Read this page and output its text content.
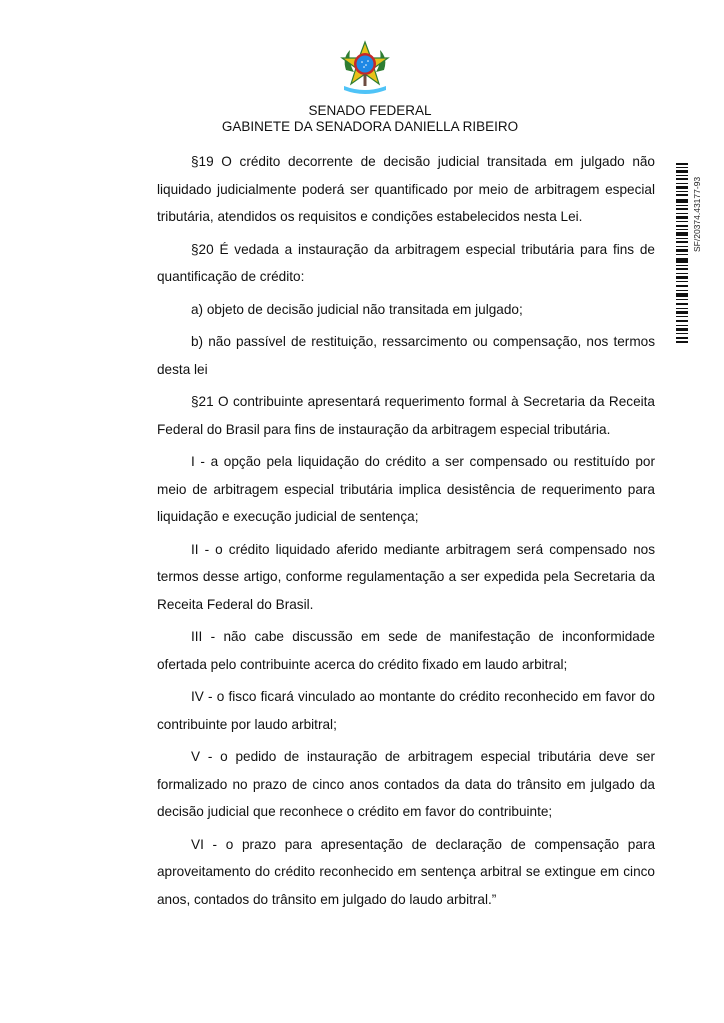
SENADO FEDERAL
GABINETE DA SENADORA DANIELLA RIBEIRO

§19 O crédito decorrente de decisão judicial transitada em julgado não liquidado judicialmente poderá ser quantificado por meio de arbitragem especial tributária, atendidos os requisitos e condições estabelecidos nesta Lei.

§20 É vedada a instauração da arbitragem especial tributária para fins de quantificação de crédito:

a) objeto de decisão judicial não transitada em julgado;

b) não passível de restituição, ressarcimento ou compensação, nos termos desta lei

§21 O contribuinte apresentará requerimento formal à Secretaria da Receita Federal do Brasil para fins de instauração da arbitragem especial tributária.

I - a opção pela liquidação do crédito a ser compensado ou restituído por meio de arbitragem especial tributária implica desistência de requerimento para liquidação e execução judicial de sentença;

II - o crédito liquidado aferido mediante arbitragem será compensado nos termos desse artigo, conforme regulamentação a ser expedida pela Secretaria da Receita Federal do Brasil.

III - não cabe discussão em sede de manifestação de inconformidade ofertada pelo contribuinte acerca do crédito fixado em laudo arbitral;

IV - o fisco ficará vinculado ao montante do crédito reconhecido em favor do contribuinte por laudo arbitral;

V - o pedido de instauração de arbitragem especial tributária deve ser formalizado no prazo de cinco anos contados da data do trânsito em julgado da decisão judicial que reconhece o crédito em favor do contribuinte;

VI - o prazo para apresentação de declaração de compensação para aproveitamento do crédito reconhecido em sentença arbitral se extingue em cinco anos, contados do trânsito em julgado do laudo arbitral.”

SF/20374.43177-93
